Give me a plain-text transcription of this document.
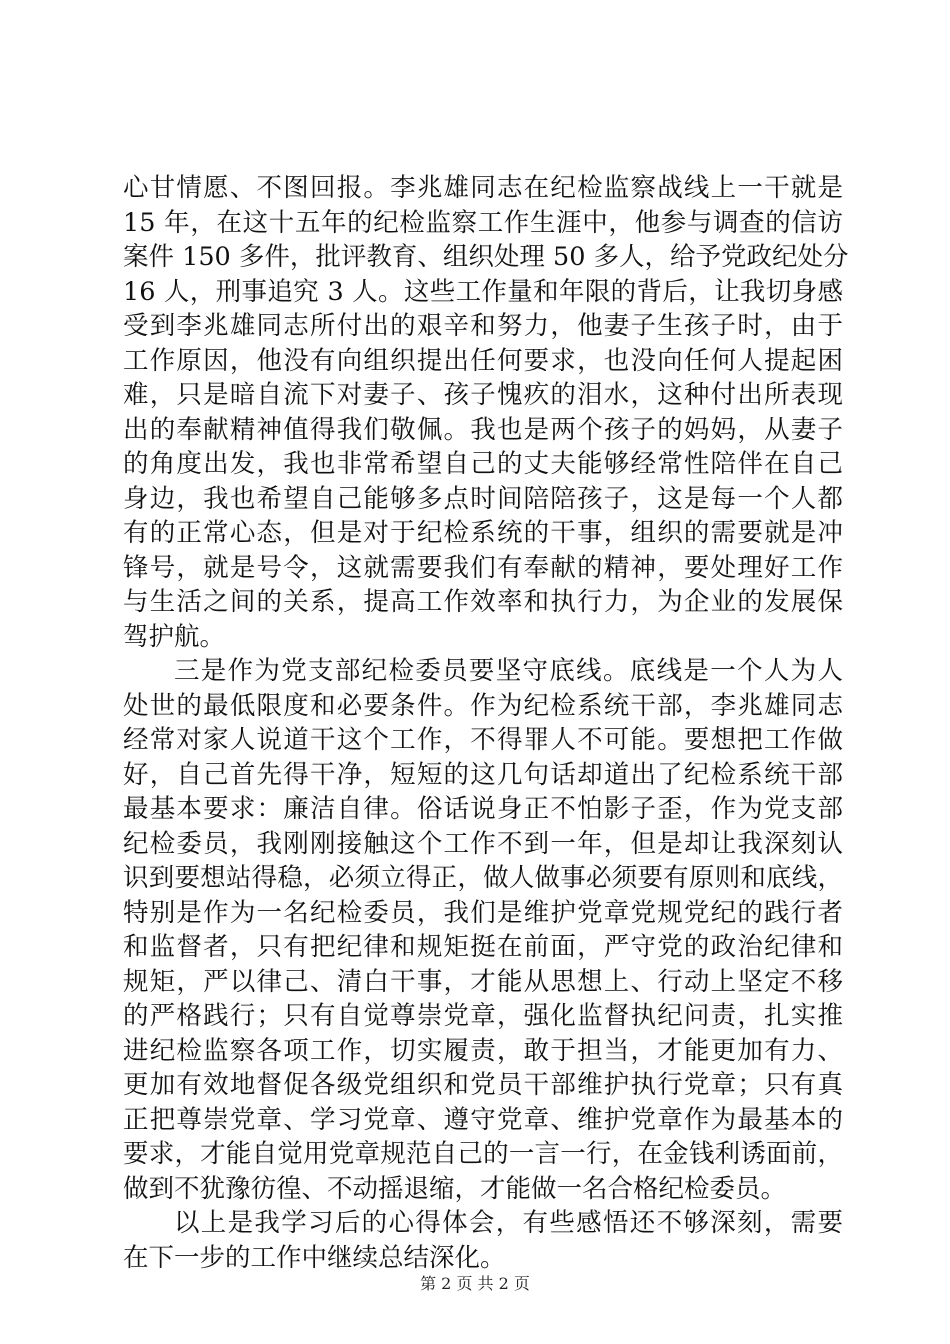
心甘情愿、不图回报。李兆雄同志在纪检监察战线上一干就是
15 年，在这十五年的纪检监察工作生涯中，他参与调查的信访
案件 150 多件，批评教育、组织处理 50 多人，给予党政纪处分
16 人，刑事追究 3 人。这些工作量和年限的背后，让我切身感
受到李兆雄同志所付出的艰辛和努力，他妻子生孩子时，由于
工作原因，他没有向组织提出任何要求，也没向任何人提起困
难，只是暗自流下对妻子、孩子愧疚的泪水，这种付出所表现
出的奉献精神值得我们敬佩。我也是两个孩子的妈妈，从妻子
的角度出发，我也非常希望自己的丈夫能够经常性陪伴在自己
身边，我也希望自己能够多点时间陪陪孩子，这是每一个人都
有的正常心态，但是对于纪检系统的干事，组织的需要就是冲
锋号，就是号令，这就需要我们有奉献的精神，要处理好工作
与生活之间的关系，提高工作效率和执行力，为企业的发展保
驾护航。
三是作为党支部纪检委员要坚守底线。底线是一个人为人
处世的最低限度和必要条件。作为纪检系统干部，李兆雄同志
经常对家人说道干这个工作，不得罪人不可能。要想把工作做
好，自己首先得干净，短短的这几句话却道出了纪检系统干部
最基本要求：廉洁自律。俗话说身正不怕影子歪，作为党支部
纪检委员，我刚刚接触这个工作不到一年，但是却让我深刻认
识到要想站得稳，必须立得正，做人做事必须要有原则和底线，
特别是作为一名纪检委员，我们是维护党章党规党纪的践行者
和监督者，只有把纪律和规矩挺在前面，严守党的政治纪律和
规矩，严以律己、清白干事，才能从思想上、行动上坚定不移
的严格践行；只有自觉尊崇党章，强化监督执纪问责，扎实推
进纪检监察各项工作，切实履责，敢于担当，才能更加有力、
更加有效地督促各级党组织和党员干部维护执行党章；只有真
正把尊崇党章、学习党章、遵守党章、维护党章作为最基本的
要求，才能自觉用党章规范自己的一言一行，在金钱利诱面前，
做到不犹豫彷徨、不动摇退缩，才能做一名合格纪检委员。
以上是我学习后的心得体会，有些感悟还不够深刻，需要
在下一步的工作中继续总结深化。
第 2 页 共 2 页
